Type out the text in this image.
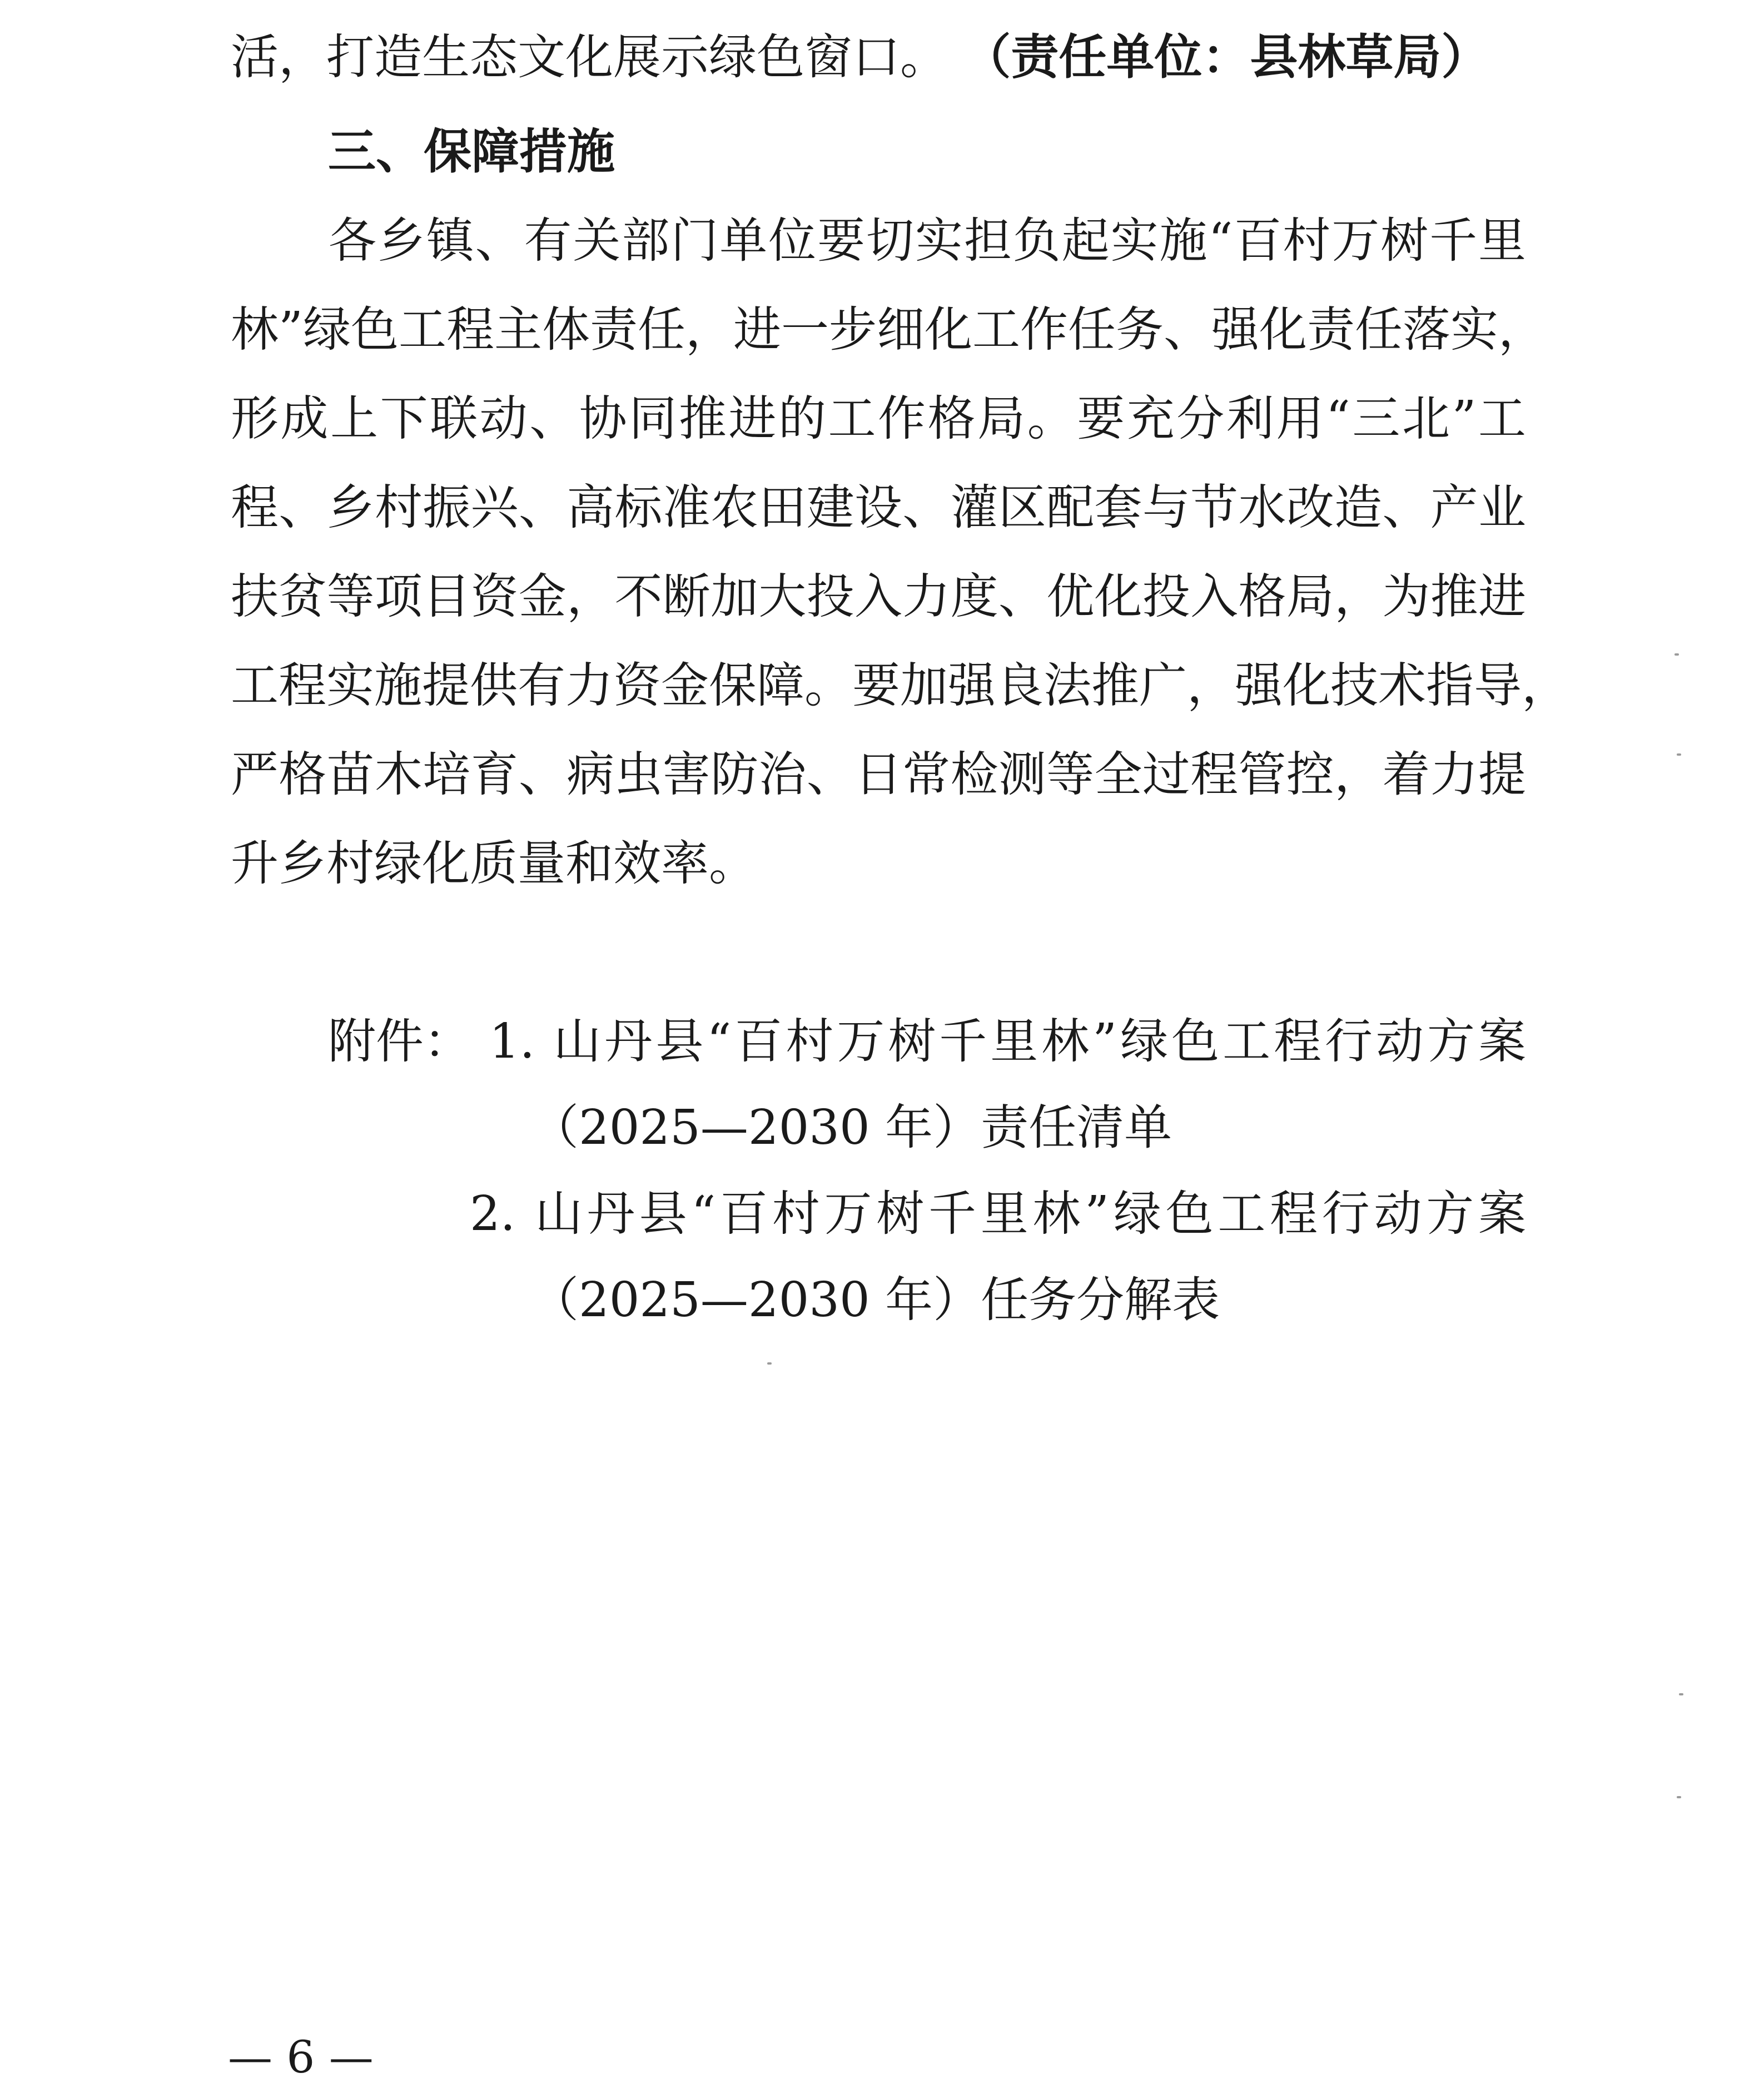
活，打造生态文化展示绿色窗口。 （责任单位：县林草局）
三、保障措施
　　各乡镇、有关部门单位要切实担负起实施“百村万树千里
林”绿色工程主体责任，进一步细化工作任务、强化责任落实，
形成上下联动、协同推进的工作格局。要充分利用“三北”工
程、乡村振兴、高标准农田建设、灌区配套与节水改造、产业
扶贫等项目资金，不断加大投入力度、优化投入格局，为推进
工程实施提供有力资金保障。要加强良法推广，强化技术指导，
严格苗木培育、病虫害防治、日常检测等全过程管控，着力提
升乡村绿化质量和效率。
附件： 1. 山丹县“百村万树千里林”绿色工程行动方案
（2025—2030 年）责任清单
2. 山丹县“百村万树千里林”绿色工程行动方案
（2025—2030 年）任务分解表
— 6 —
